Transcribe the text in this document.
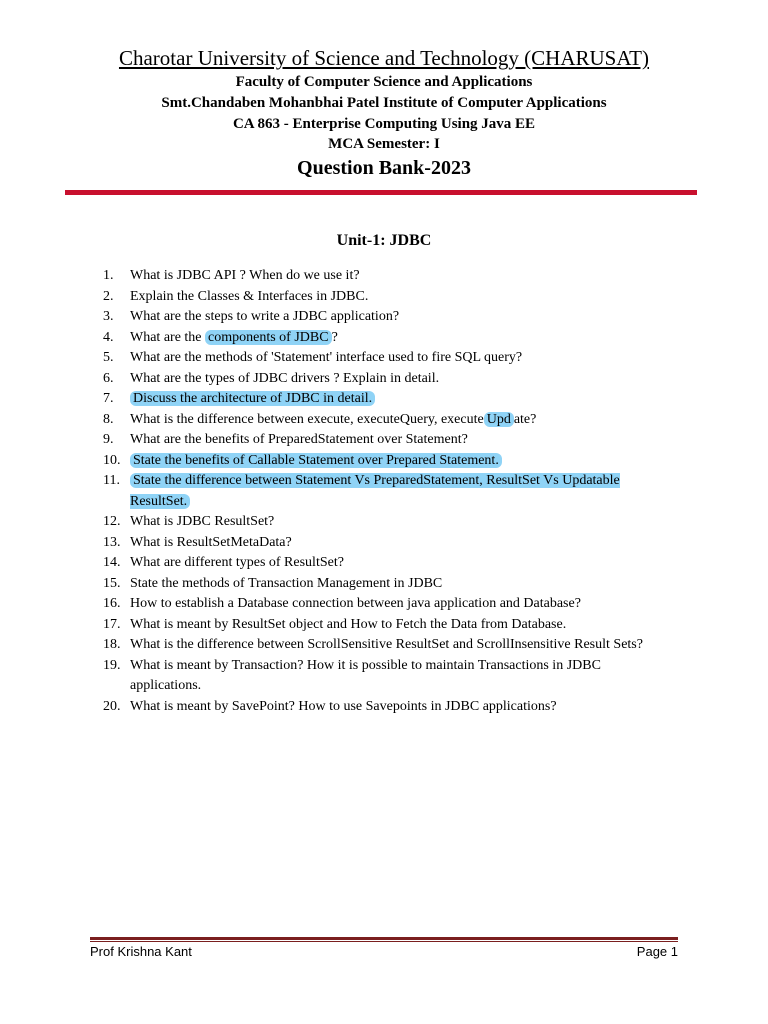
Charotar University of Science and Technology (CHARUSAT)
Faculty of Computer Science and Applications
Smt.Chandaben Mohanbhai Patel Institute of Computer Applications
CA 863 - Enterprise Computing Using Java EE
MCA Semester: I
Question Bank-2023
Unit-1: JDBC
1.	What is JDBC API ? When do we use it?
2.	Explain the Classes & Interfaces in JDBC.
3.	What are the steps to write a JDBC application?
4.	What are the components of JDBC ?
5.	What are the methods of 'Statement' interface used to fire SQL query?
6.	What are the types of JDBC drivers ? Explain in detail.
7.	Discuss the architecture of JDBC in detail.
8.	What is the difference between execute, executeQuery, execute Upd ate?
9.	What are the benefits of PreparedStatement over Statement?
10. State the benefits of Callable Statement over Prepared Statement.
11. State the difference between Statement Vs PreparedStatement, ResultSet Vs Updatable ResultSet.
12. What is JDBC ResultSet?
13. What is ResultSetMetaData?
14. What are different types of ResultSet?
15. State the methods of Transaction Management in JDBC
16. How to establish a Database connection between java application and Database?
17. What is meant by ResultSet object and How to Fetch the Data from Database.
18. What is the difference between ScrollSensitive ResultSet and ScrollInsensitive Result Sets?
19. What is meant by Transaction? How it is possible to maintain Transactions in JDBC applications.
20. What is meant by SavePoint? How to use Savepoints in JDBC applications?
Prof Krishna Kant	Page 1
